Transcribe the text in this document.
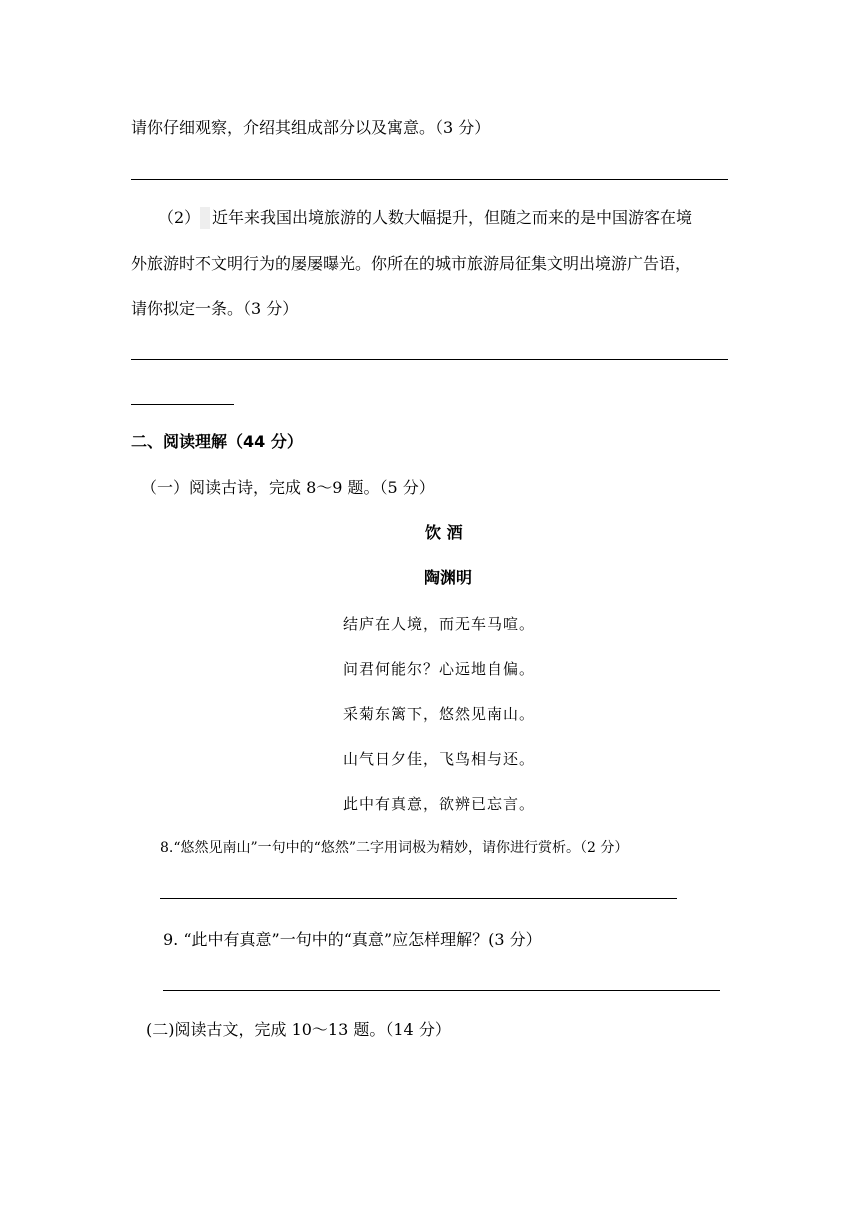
请你仔细观察，介绍其组成部分以及寓意。（3 分）
（2） 近年来我国出境旅游的人数大幅提升，但随之而来的是中国游客在境
外旅游时不文明行为的屡屡曝光。你所在的城市旅游局征集文明出境游广告语，
请你拟定一条。（3 分）
二、阅读理解（44 分）
（一）阅读古诗，完成 8～9 题。（5 分）
饮 酒
陶渊明
结庐在人境，而无车马喧。
问君何能尔？心远地自偏。
采菊东篱下，悠然见南山。
山气日夕佳，飞鸟相与还。
此中有真意，欲辨已忘言。
8.“悠然见南山”一句中的“悠然”二字用词极为精妙，请你进行赏析。（2 分）
9. “此中有真意”一句中的“真意”应怎样理解？(3 分）
(二)阅读古文，完成 10～13 题。（14 分）
